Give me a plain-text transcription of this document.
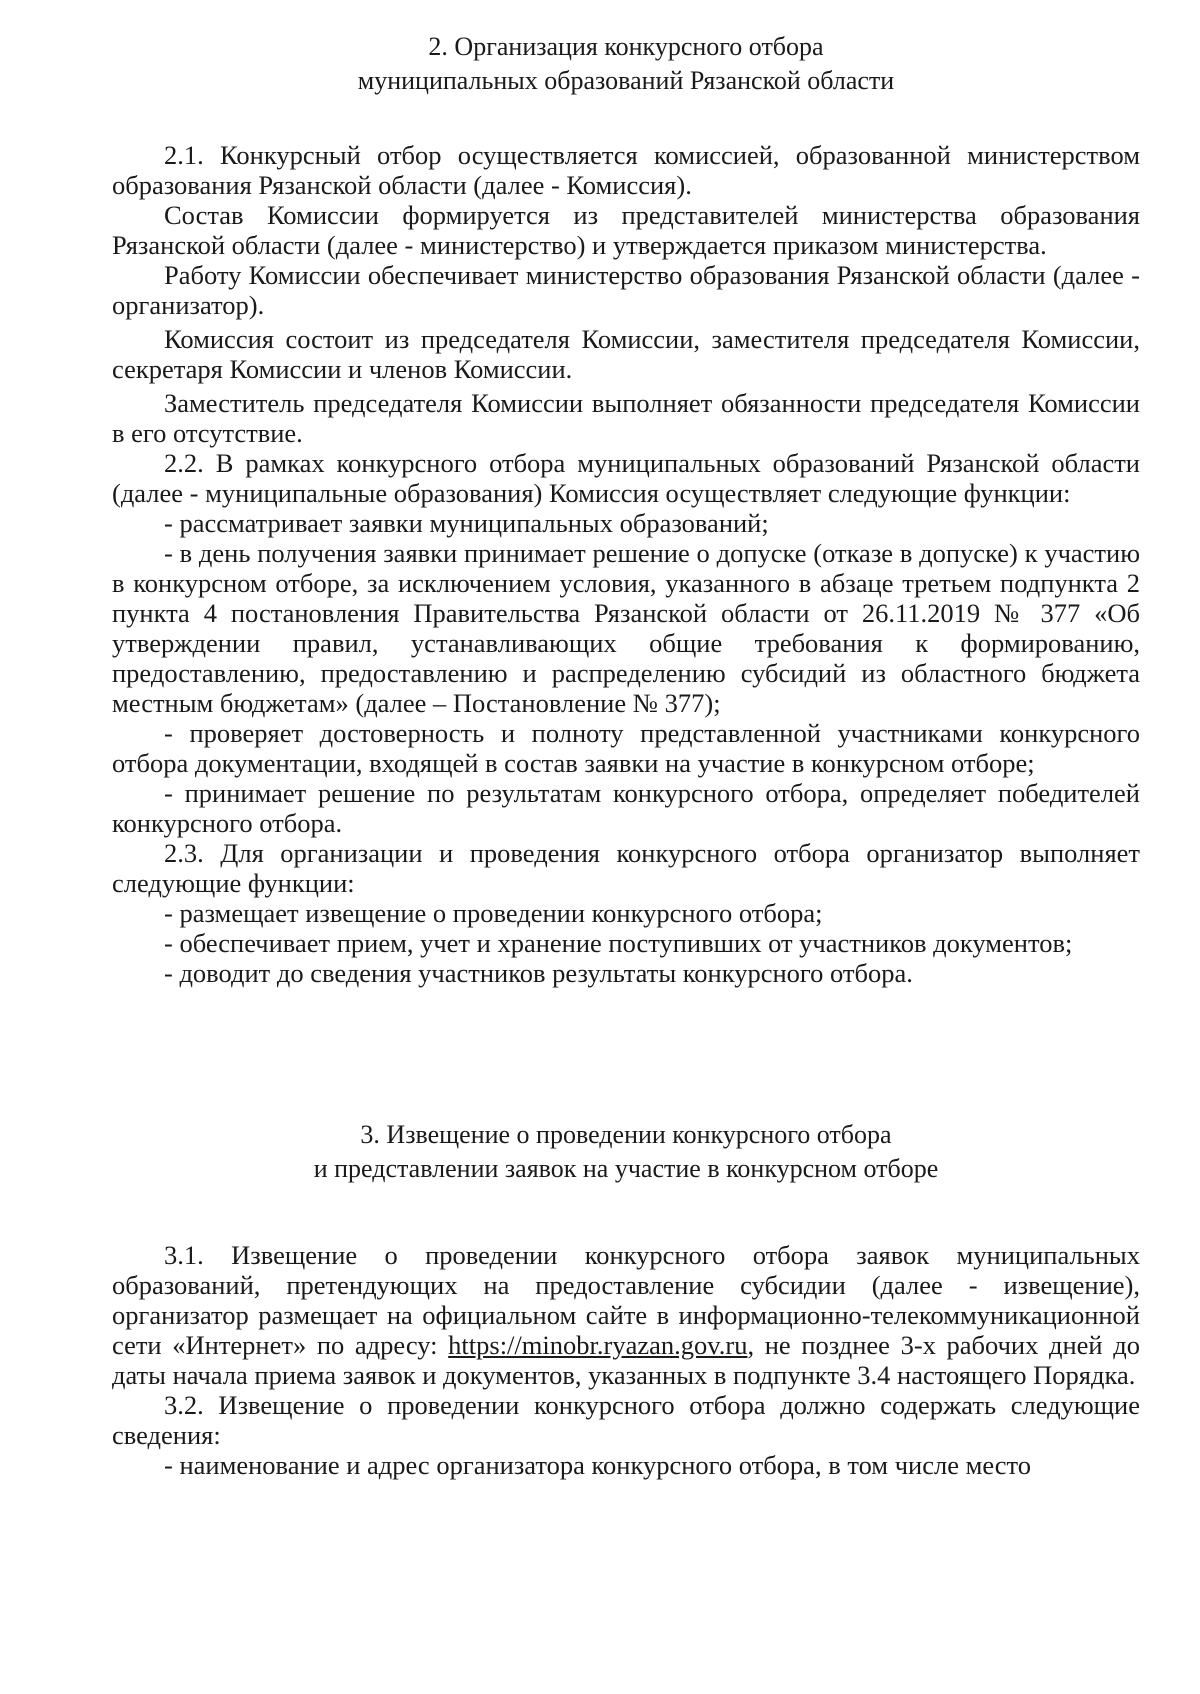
2. Организация конкурсного отбора
муниципальных образований Рязанской области

2.1. Конкурсный отбор осуществляется комиссией, образованной министерством образования Рязанской области (далее - Комиссия).

Состав Комиссии формируется из представителей министерства образования Рязанской области (далее - министерство) и утверждается приказом министерства.

Работу Комиссии обеспечивает министерство образования Рязанской области (далее - организатор).

Комиссия состоит из председателя Комиссии, заместителя председателя Комиссии, секретаря Комиссии и членов Комиссии.

Заместитель председателя Комиссии выполняет обязанности председателя Комиссии в его отсутствие.

2.2. В рамках конкурсного отбора муниципальных образований Рязанской области (далее - муниципальные образования) Комиссия осуществляет следующие функции:

- рассматривает заявки муниципальных образований;

- в день получения заявки принимает решение о допуске (отказе в допуске) к участию в конкурсном отборе, за исключением условия, указанного в абзаце третьем подпункта 2 пункта 4 постановления Правительства Рязанской области от 26.11.2019 № 377 «Об утверждении правил, устанавливающих общие требования к формированию, предоставлению, предоставлению и распределению субсидий из областного бюджета местным бюджетам» (далее – Постановление № 377);

- проверяет достоверность и полноту представленной участниками конкурсного отбора документации, входящей в состав заявки на участие в конкурсном отборе;

- принимает решение по результатам конкурсного отбора, определяет победителей конкурсного отбора.

2.3. Для организации и проведения конкурсного отбора организатор выполняет следующие функции:

- размещает извещение о проведении конкурсного отбора;

- обеспечивает прием, учет и хранение поступивших от участников документов;

- доводит до сведения участников результаты конкурсного отбора.

3. Извещение о проведении конкурсного отбора
и представлении заявок на участие в конкурсном отборе

3.1. Извещение о проведении конкурсного отбора заявок муниципальных образований, претендующих на предоставление субсидии (далее - извещение), организатор размещает на официальном сайте в информационно-телекоммуникационной сети «Интернет» по адресу: https://minobr.ryazan.gov.ru, не позднее 3-х рабочих дней до даты начала приема заявок и документов, указанных в подпункте 3.4 настоящего Порядка.

3.2. Извещение о проведении конкурсного отбора должно содержать следующие сведения:

- наименование и адрес организатора конкурсного отбора, в том числе место
